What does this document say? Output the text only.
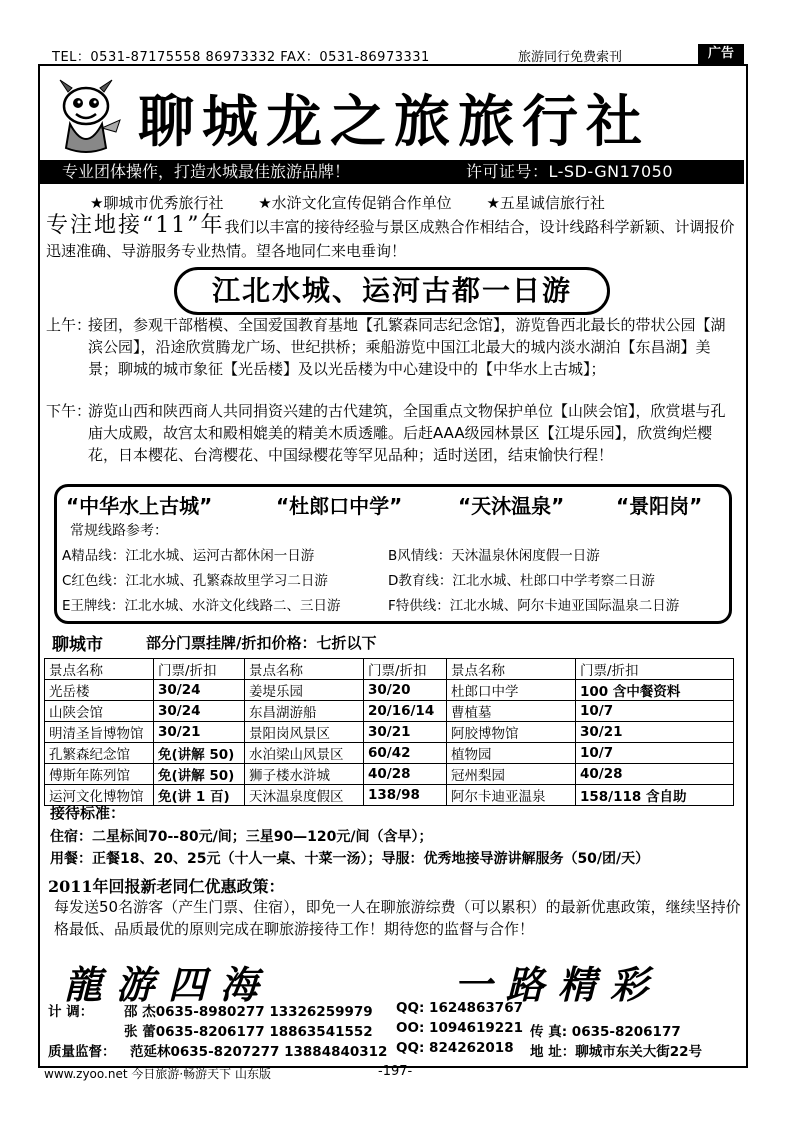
TEL：0531-87175558 86973332 FAX：0531-86973331	旅游同行免费索刊	广告
聊城龙之旅旅行社
专业团体操作，打造水城最佳旅游品牌！	许可证号：L-SD-GN17050
★聊城市优秀旅行社 ★水浒文化宣传促销合作单位 ★五星诚信旅行社
专注地接“11”年我们以丰富的接待经验与景区成熟合作相结合，设计线路科学新颖、计调报价迅速准确、导游服务专业热情。望各地同仁来电垂询！
江北水城、运河古都一日游
上午：
接团，参观干部楷模、全国爱国教育基地【孔繁森同志纪念馆】，游览鲁西北最长的带状公园【湖滨公园】，沿途欣赏腾龙广场、世纪拱桥；乘船游览中国江北最大的城内淡水湖泊【东昌湖】美景；聊城的城市象征【光岳楼】及以光岳楼为中心建设中的【中华水上古城】；
下午：
游览山西和陕西商人共同捐资兴建的古代建筑，全国重点文物保护单位【山陕会馆】，欣赏堪与孔庙大成殿，故宫太和殿相媲美的精美木质透雕。后赶AAA级园林景区【江堤乐园】，欣赏绚烂樱花，日本樱花、台湾樱花、中国绿樱花等罕见品种；适时送团，结束愉快行程！
“中华水上古城”	“杜郎口中学”	“天沐温泉”	“景阳岗”
常规线路参考：
A精品线：江北水城、运河古都休闲一日游	B风情线：天沐温泉休闲度假一日游
C红色线：江北水城、孔繁森故里学习二日游	D教育线：江北水城、杜郎口中学考察二日游
E王牌线：江北水城、水浒文化线路二、三日游	F特供线：江北水城、阿尔卡迪亚国际温泉二日游
聊城市	部分门票挂牌/折扣价格：七折以下
景点名称	门票/折扣	景点名称	门票/折扣	景点名称	门票/折扣
光岳楼	30/24	姜堤乐园	30/20	杜郎口中学	100 含中餐资料
山陕会馆	30/24	东昌湖游船	20/16/14	曹植墓	10/7
明清圣旨博物馆	30/21	景阳岗风景区	30/21	阿胶博物馆	30/21
孔繁森纪念馆	免(讲解 50)	水泊梁山风景区	60/42	植物园	10/7
傅斯年陈列馆	免(讲解 50)	狮子楼水浒城	40/28	冠州梨园	40/28
运河文化博物馆	免(讲 1 百)	天沐温泉度假区	138/98	阿尔卡迪亚温泉	158/118 含自助
接待标准：
住宿：二星标间70--80元/间；三星90—120元/间（含早）；
用餐：正餐18、20、25元（十人一桌、十菜一汤）；导服：优秀地接导游讲解服务（50/团/天）
2011年回报新老同仁优惠政策：
每发送50名游客（产生门票、住宿），即免一人在聊旅游综费（可以累积）的最新优惠政策，继续坚持价格最低、品质最优的原则完成在聊旅游接待工作！期待您的监督与合作！
龍游四海	一路精彩
计 调： 邵 杰0635-8980277 13326259979 QQ: 1624863767
张 蕾0635-8206177 18863541552 OO: 1094619221 传 真: 0635-8206177
质量监督： 范延林0635-8207277 13884840312 QQ: 824262018 地 址：聊城市东关大街22号
www.zyoo.net 今日旅游·畅游天下 山东版	-197-
